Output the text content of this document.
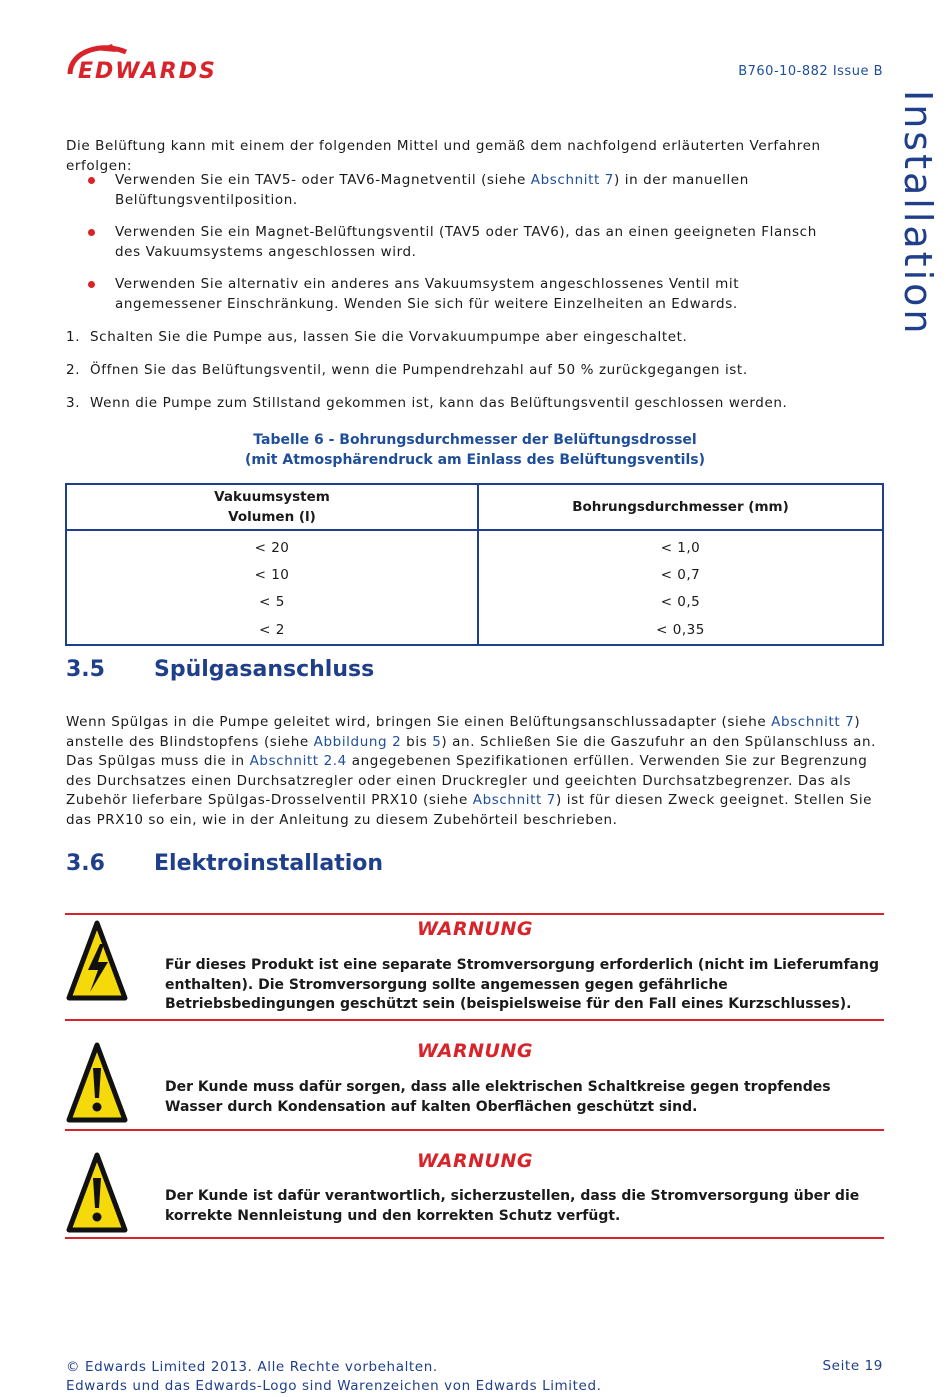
EDWARDS	B760-10-882 Issue B
Installation
Die Belüftung kann mit einem der folgenden Mittel und gemäß dem nachfolgend erläuterten Verfahren erfolgen:
Verwenden Sie ein TAV5- oder TAV6-Magnetventil (siehe Abschnitt 7) in der manuellen Belüftungsventilposition.
Verwenden Sie ein Magnet-Belüftungsventil (TAV5 oder TAV6), das an einen geeigneten Flansch des Vakuumsystems angeschlossen wird.
Verwenden Sie alternativ ein anderes ans Vakuumsystem angeschlossenes Ventil mit angemessener Einschränkung. Wenden Sie sich für weitere Einzelheiten an Edwards.
1. Schalten Sie die Pumpe aus, lassen Sie die Vorvakuumpumpe aber eingeschaltet.
2. Öffnen Sie das Belüftungsventil, wenn die Pumpendrehzahl auf 50 % zurückgegangen ist.
3. Wenn die Pumpe zum Stillstand gekommen ist, kann das Belüftungsventil geschlossen werden.
Tabelle 6 - Bohrungsdurchmesser der Belüftungsdrossel
(mit Atmosphärendruck am Einlass des Belüftungsventils)
Vakuumsystem
Volumen (l)	Bohrungsdurchmesser (mm)
< 20	< 1,0
< 10	< 0,7
< 5	< 0,5
< 2	< 0,35
3.5 Spülgasanschluss
Wenn Spülgas in die Pumpe geleitet wird, bringen Sie einen Belüftungsanschlussadapter (siehe Abschnitt 7) anstelle des Blindstopfens (siehe Abbildung 2 bis 5) an. Schließen Sie die Gaszufuhr an den Spülanschluss an. Das Spülgas muss die in Abschnitt 2.4 angegebenen Spezifikationen erfüllen. Verwenden Sie zur Begrenzung des Durchsatzes einen Durchsatzregler oder einen Druckregler und geeichten Durchsatzbegrenzer. Das als Zubehör lieferbare Spülgas-Drosselventil PRX10 (siehe Abschnitt 7) ist für diesen Zweck geeignet. Stellen Sie das PRX10 so ein, wie in der Anleitung zu diesem Zubehörteil beschrieben.
3.6 Elektroinstallation
WARNUNG
Für dieses Produkt ist eine separate Stromversorgung erforderlich (nicht im Lieferumfang enthalten). Die Stromversorgung sollte angemessen gegen gefährliche Betriebsbedingungen geschützt sein (beispielsweise für den Fall eines Kurzschlusses).
WARNUNG
Der Kunde muss dafür sorgen, dass alle elektrischen Schaltkreise gegen tropfendes Wasser durch Kondensation auf kalten Oberflächen geschützt sind.
WARNUNG
Der Kunde ist dafür verantwortlich, sicherzustellen, dass die Stromversorgung über die korrekte Nennleistung und den korrekten Schutz verfügt.
© Edwards Limited 2013. Alle Rechte vorbehalten.
Edwards und das Edwards-Logo sind Warenzeichen von Edwards Limited.
Seite 19
